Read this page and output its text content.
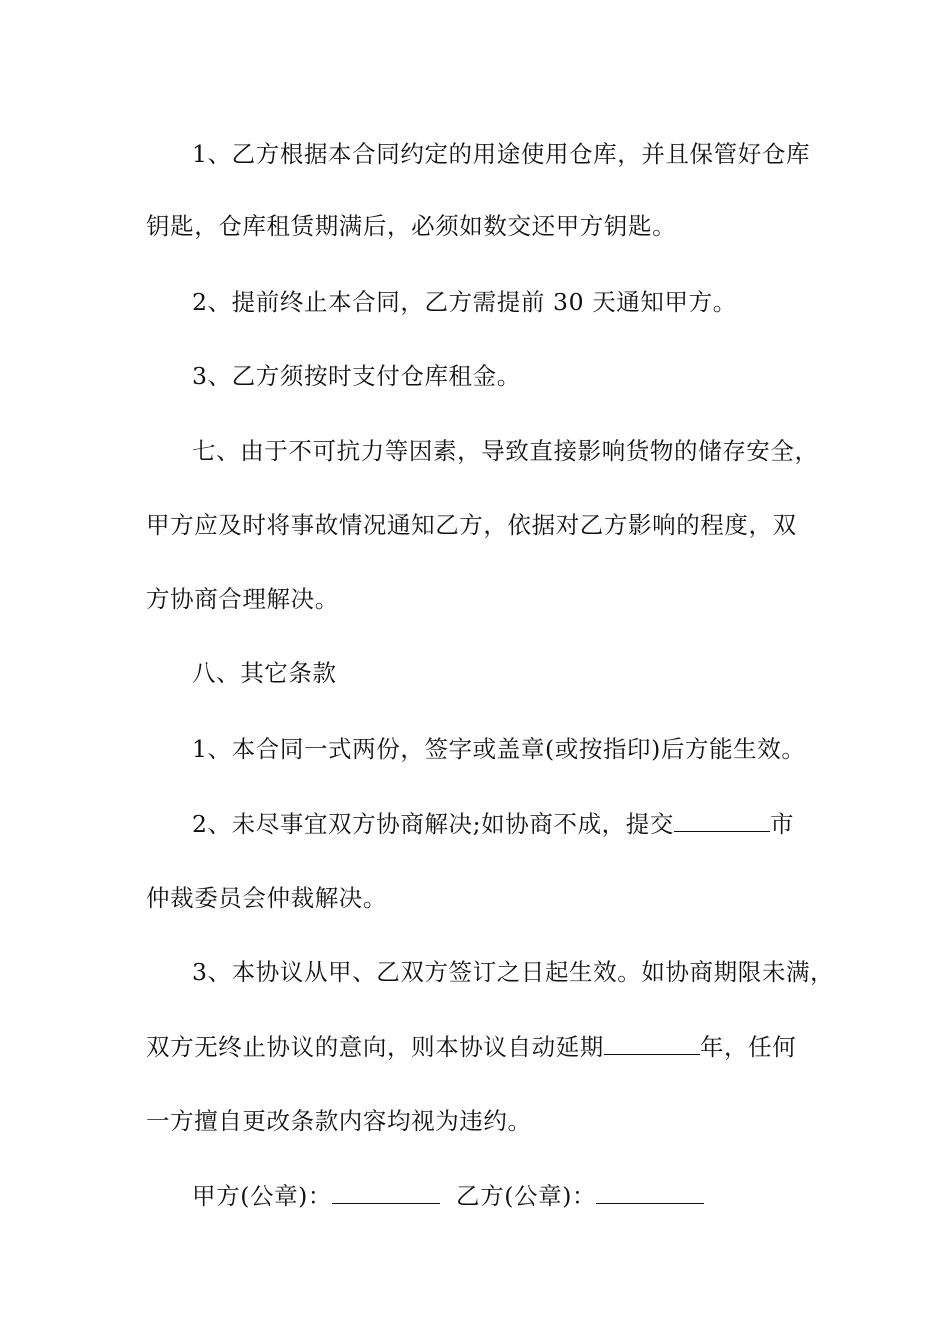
1、乙方根据本合同约定的用途使用仓库，并且保管好仓库
钥匙，仓库租赁期满后，必须如数交还甲方钥匙。
2、提前终止本合同，乙方需提前 30 天通知甲方。
3、乙方须按时支付仓库租金。
七、由于不可抗力等因素，导致直接影响货物的储存安全，
甲方应及时将事故情况通知乙方，依据对乙方影响的程度，双
方协商合理解决。
八、其它条款
1、本合同一式两份，签字或盖章(或按指印)后方能生效。
2、未尽事宜双方协商解决;如协商不成，提交	市
仲裁委员会仲裁解决。
3、本协议从甲、乙双方签订之日起生效。如协商期限未满，
双方无终止协议的意向，则本协议自动延期	年，任何
一方擅自更改条款内容均视为违约。
甲方(公章)：	乙方(公章)：
